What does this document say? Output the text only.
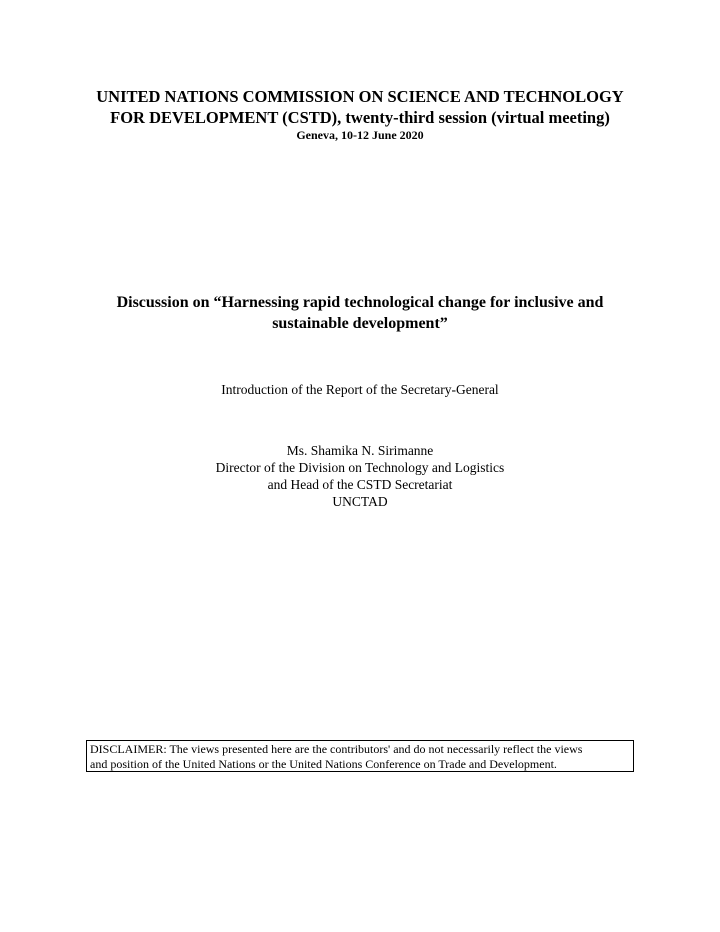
UNITED NATIONS COMMISSION ON SCIENCE AND TECHNOLOGY
FOR DEVELOPMENT (CSTD), twenty-third session (virtual meeting)
Geneva, 10-12 June 2020
Discussion on “Harnessing rapid technological change for inclusive and
sustainable development”
Introduction of the Report of the Secretary-General
Ms. Shamika N. Sirimanne
Director of the Division on Technology and Logistics
and Head of the CSTD Secretariat
UNCTAD
DISCLAIMER: The views presented here are the contributors' and do not necessarily reflect the views
and position of the United Nations or the United Nations Conference on Trade and Development.
